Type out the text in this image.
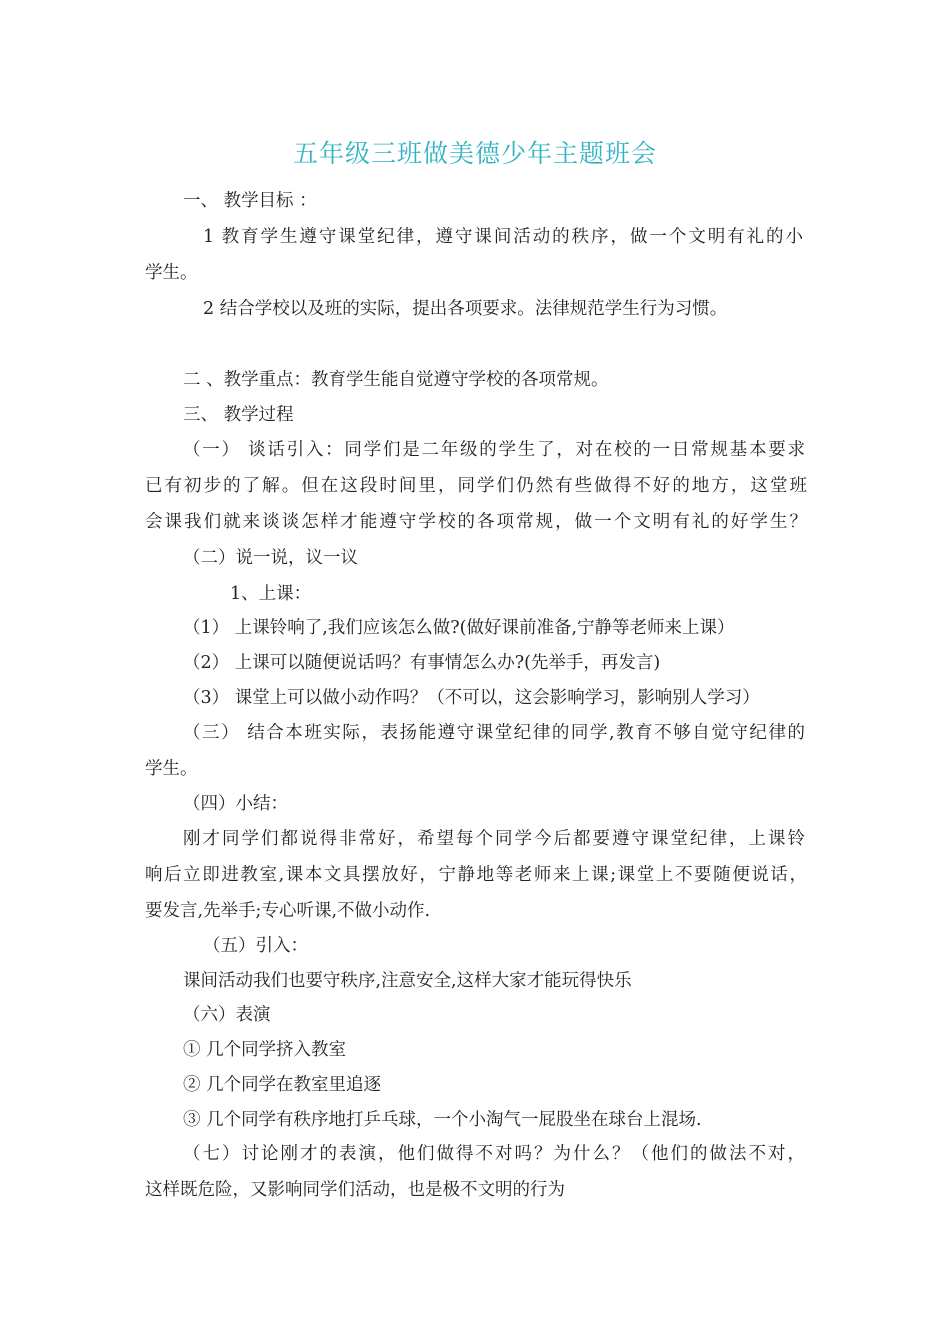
五年级三班做美德少年主题班会
一、 教学目标 ：
1 教育学生遵守课堂纪律，遵守课间活动的秩序，做一个文明有礼的小
学生。
2 结合学校以及班的实际，提出各项要求。法律规范学生行为习惯。
二 、教学重点：教育学生能自觉遵守学校的各项常规。
三、 教学过程
（一） 谈话引入：同学们是二年级的学生了，对在校的一日常规基本要求
已有初步的了解。但在这段时间里，同学们仍然有些做得不好的地方，这堂班
会课我们就来谈谈怎样才能遵守学校的各项常规，做一个文明有礼的好学生？
（二）说一说，议一议
1、上课：
（1） 上课铃响了,我们应该怎么做?(做好课前准备,宁静等老师来上课）
（2） 上课可以随便说话吗？有事情怎么办?(先举手，再发言)
（3） 课堂上可以做小动作吗？（不可以，这会影响学习，影响别人学习）
（三） 结合本班实际，表扬能遵守课堂纪律的同学,教育不够自觉守纪律的
学生。
（四）小结：
刚才同学们都说得非常好，希望每个同学今后都要遵守课堂纪律，上课铃
响后立即进教室,课本文具摆放好，宁静地等老师来上课;课堂上不要随便说话，
要发言,先举手;专心听课,不做小动作.
（五）引入：
课间活动我们也要守秩序,注意安全,这样大家才能玩得快乐
（六）表演
① 几个同学挤入教室
② 几个同学在教室里追逐
③ 几个同学有秩序地打乒乓球，一个小淘气一屁股坐在球台上混场.
（七）讨论刚才的表演，他们做得不对吗？为什么？（他们的做法不对，
这样既危险，又影响同学们活动，也是极不文明的行为
